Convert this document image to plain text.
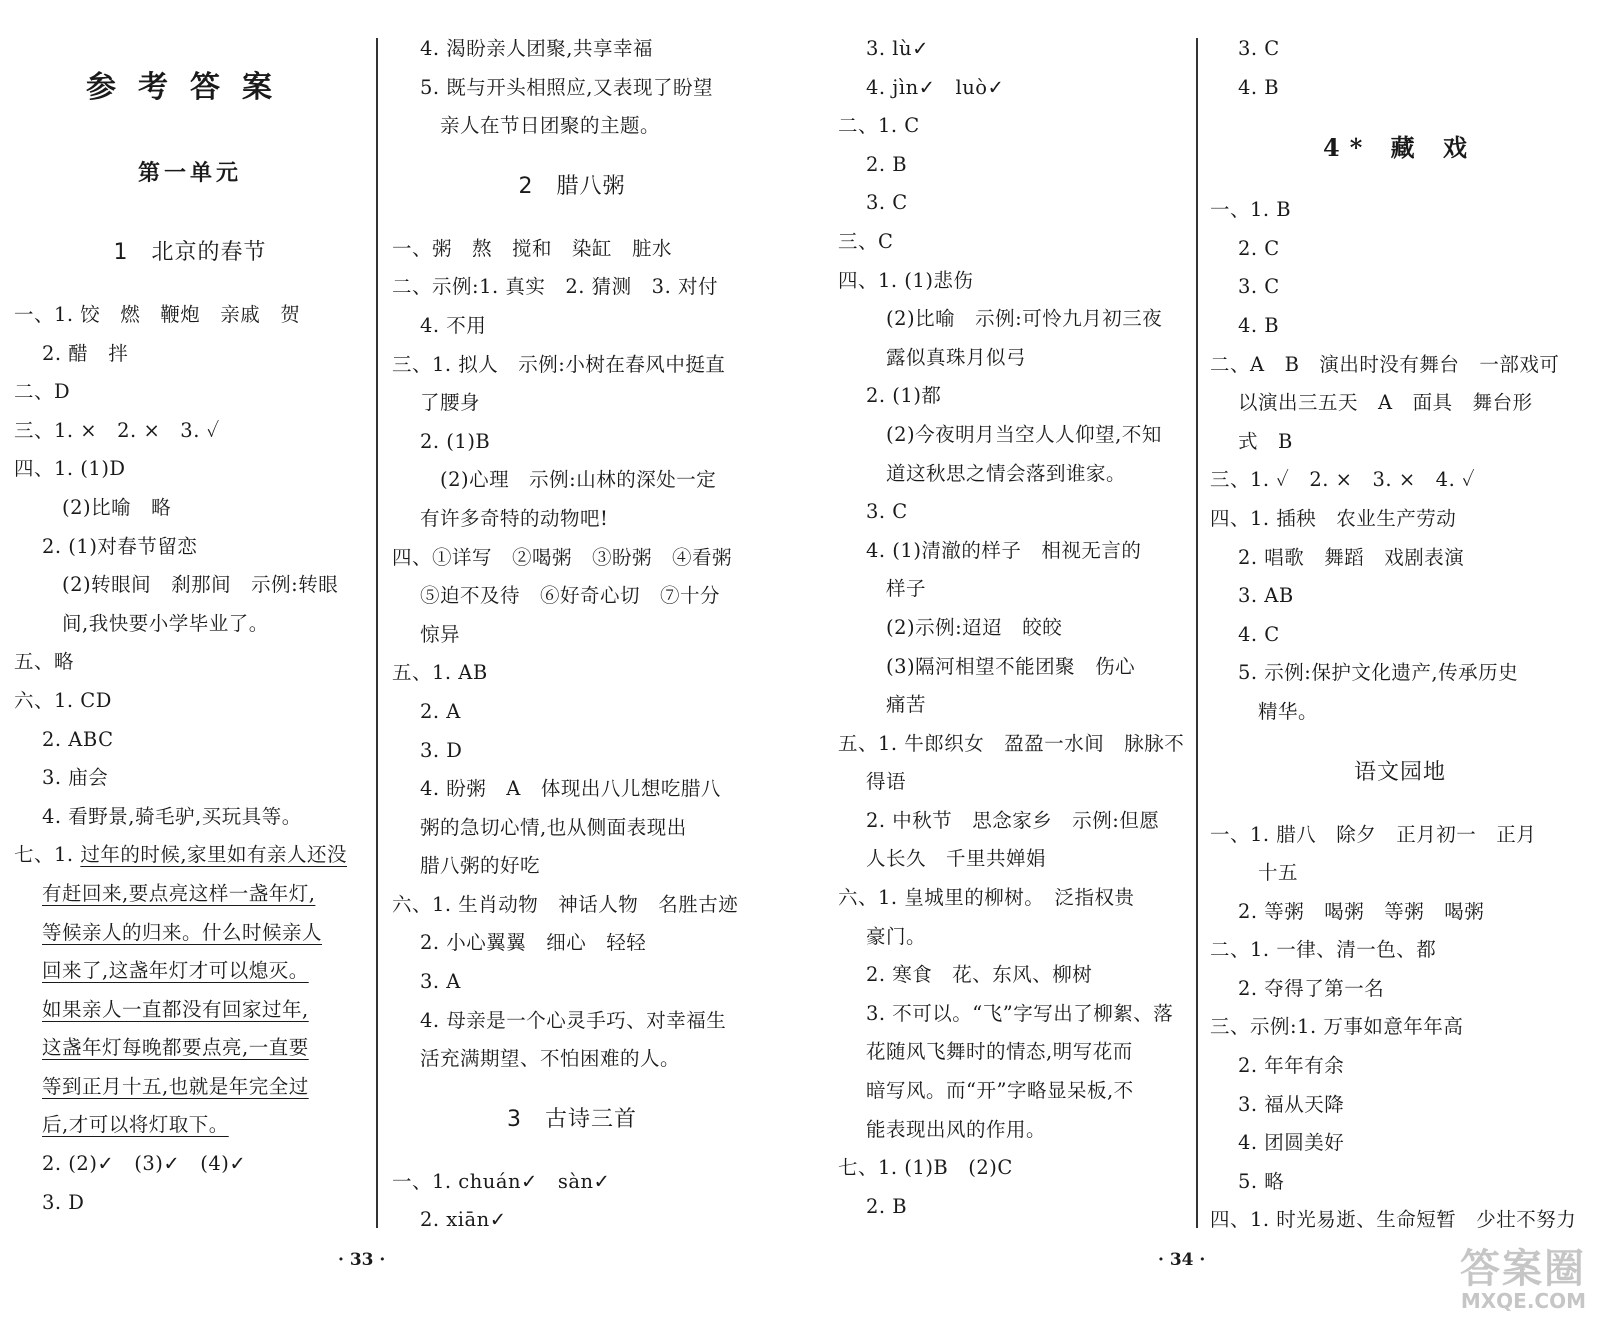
参考答案
第一单元
1　北京的春节
一、1. 饺　燃　鞭炮　亲戚　贺
2. 醋　拌
二、D
三、1. ×　2. ×　3. ✓
四、1. (1)D
(2)比喻　略
2. (1)对春节留恋
(2)转眼间　刹那间　示例:转眼
间,我快要小学毕业了。
五、略
六、1. CD
2. ABC
3. 庙会
4. 看野景,骑毛驴,买玩具等。
七、1. 过年的时候,家里如有亲人还没
有赶回来,要点亮这样一盏年灯,
等候亲人的归来。什么时候亲人
回来了,这盏年灯才可以熄灭。
如果亲人一直都没有回家过年,
这盏年灯每晚都要点亮,一直要
等到正月十五,也就是年完全过
后,才可以将灯取下。
2. (2)✓　(3)✓　(4)✓
3. D
4. 渴盼亲人团聚,共享幸福
5. 既与开头相照应,又表现了盼望
亲人在节日团聚的主题。
2　腊八粥
一、粥　熬　搅和　染缸　脏水
二、示例:1. 真实　2. 猜测　3. 对付
4. 不用
三、1. 拟人　示例:小树在春风中挺直
了腰身
2. (1)B
(2)心理　示例:山林的深处一定
有许多奇特的动物吧!
四、①详写　②喝粥　③盼粥　④看粥
⑤迫不及待　⑥好奇心切　⑦十分
惊异
五、1. AB
2. A
3. D
4. 盼粥　A　体现出八儿想吃腊八
粥的急切心情,也从侧面表现出
腊八粥的好吃
六、1. 生肖动物　神话人物　名胜古迹
2. 小心翼翼　细心　轻轻
3. A
4. 母亲是一个心灵手巧、对幸福生
活充满期望、不怕困难的人。
3　古诗三首
一、1. chuán✓　sàn✓
2. xiān✓
3. lù✓
4. jìn✓　luò✓
二、1. C
2. B
3. C
三、C
四、1. (1)悲伤
(2)比喻　示例:可怜九月初三夜
露似真珠月似弓
2. (1)都
(2)今夜明月当空人人仰望,不知
道这秋思之情会落到谁家。
3. C
4. (1)清澈的样子　相视无言的
样子
(2)示例:迢迢　皎皎
(3)隔河相望不能团聚　伤心
痛苦
五、1. 牛郎织女　盈盈一水间　脉脉不
得语
2. 中秋节　思念家乡　示例:但愿
人长久　千里共婵娟
六、1. 皇城里的柳树。　泛指权贵
豪门。
2. 寒食　花、东风、柳树
3. 不可以。“飞”字写出了柳絮、落
花随风飞舞时的情态,明写花而
暗写风。而“开”字略显呆板,不
能表现出风的作用。
七、1. (1)B　(2)C
2. B
3. C
4. B
4* 藏 戏
一、1. B
2. C
3. C
4. B
二、A　B　演出时没有舞台　一部戏可
以演出三五天　A　面具　舞台形
式　B
三、1. ✓　2. ×　3. ×　4. ✓
四、1. 插秧　农业生产劳动
2. 唱歌　舞蹈　戏剧表演
3. AB
4. C
5. 示例:保护文化遗产,传承历史
精华。
语文园地
一、1. 腊八　除夕　正月初一　正月
十五
2. 等粥　喝粥　等粥　喝粥
二、1. 一律、清一色、都
2. 夺得了第一名
三、示例:1. 万事如意年年高
2. 年年有余
3. 福从天降
4. 团圆美好
5. 略
四、1. 时光易逝、生命短暂　少壮不努力
· 33 ·	· 34 ·	答案圈
MXQE.COM
